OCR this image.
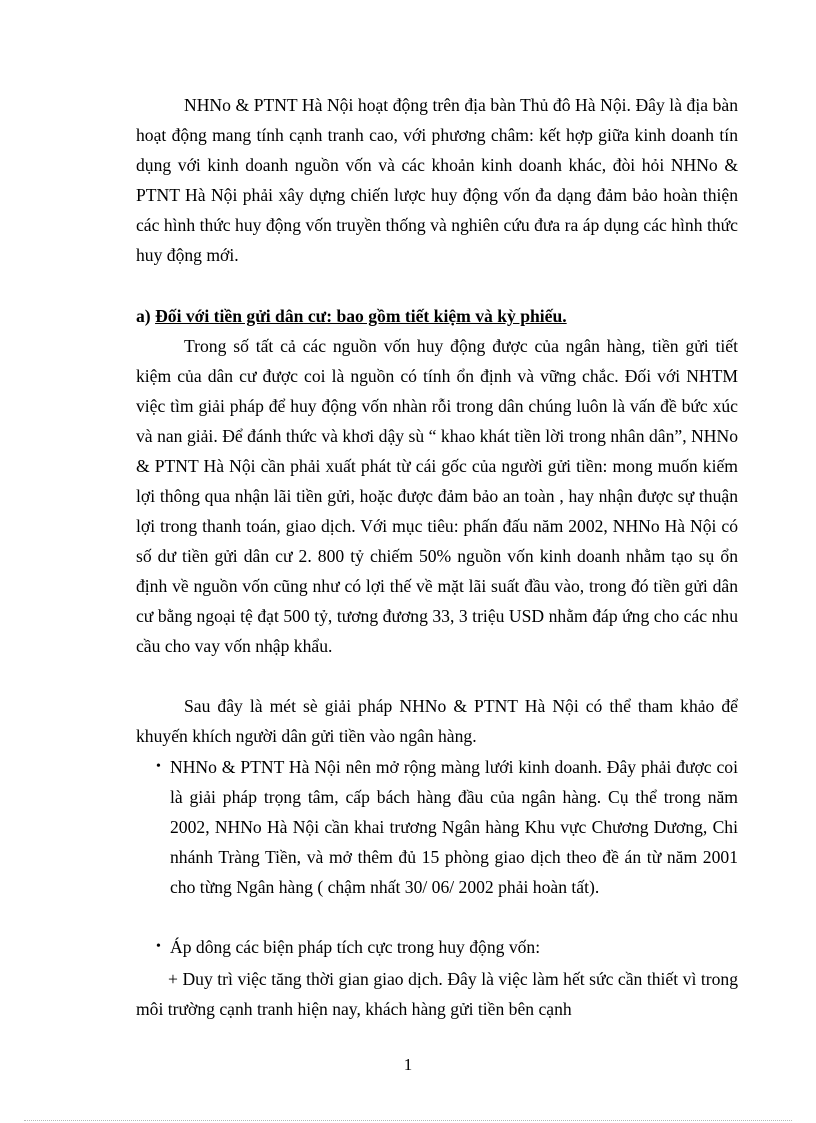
NHNo & PTNT Hà Nội hoạt động trên địa bàn Thủ đô Hà Nội. Đây là địa bàn hoạt động mang tính cạnh tranh cao, với phương châm: kết hợp giữa kinh doanh tín dụng với kinh doanh nguồn vốn và các khoản kinh doanh khác, đòi hỏi NHNo & PTNT Hà Nội phải xây dựng chiến lược huy động vốn đa dạng đảm bảo hoàn thiện các hình thức huy động vốn truyền thống và nghiên cứu đưa ra áp dụng các hình thức huy động mới.

a) Đối với tiền gửi dân cư: bao gồm tiết kiệm và kỳ phiếu.

Trong số tất cả các nguồn vốn huy động được của ngân hàng, tiền gửi tiết kiệm của dân cư được coi là nguồn có tính ổn định và vững chắc. Đối với NHTM việc tìm giải pháp để huy động vốn nhàn rỗi trong dân chúng luôn là vấn đề bức xúc và nan giải. Để đánh thức và khơi dậy sù “ khao khát tiền lời trong nhân dân”, NHNo & PTNT Hà Nội cần phải xuất phát từ cái gốc của người gửi tiền: mong muốn kiếm lợi thông qua nhận lãi tiền gửi, hoặc được đảm bảo an toàn , hay nhận được sự thuận lợi trong thanh toán, giao dịch. Với mục tiêu: phấn đấu năm 2002, NHNo Hà Nội có số dư tiền gửi dân cư 2. 800 tỷ chiếm 50% nguồn vốn kinh doanh nhằm tạo sụ ổn định về nguồn vốn cũng như có lợi thế về mặt lãi suất đầu vào, trong đó tiền gửi dân cư bằng ngoại tệ đạt 500 tỷ, tương đương 33, 3 triệu USD nhằm đáp ứng cho các nhu cầu cho vay vốn nhập khẩu.

Sau đây là mét sè giải pháp NHNo & PTNT Hà Nội có thể tham khảo để khuyến khích người dân gửi tiền vào ngân hàng.

• NHNo & PTNT Hà Nội nên mở rộng màng lưới kinh doanh. Đây phải được coi là giải pháp trọng tâm, cấp bách hàng đầu của ngân hàng. Cụ thể trong năm 2002, NHNo Hà Nội cần khai trương Ngân hàng Khu vực Chương Dương, Chi nhánh Tràng Tiền, và mở thêm đủ 15 phòng giao dịch theo đề án từ năm 2001 cho từng Ngân hàng ( chậm nhất 30/ 06/ 2002 phải hoàn tất).
• Áp dông các biện pháp tích cực trong huy động vốn:

+ Duy trì việc tăng thời gian giao dịch. Đây là việc làm hết sức cần thiết vì trong môi trường cạnh tranh hiện nay, khách hàng gửi tiền bên cạnh

1
